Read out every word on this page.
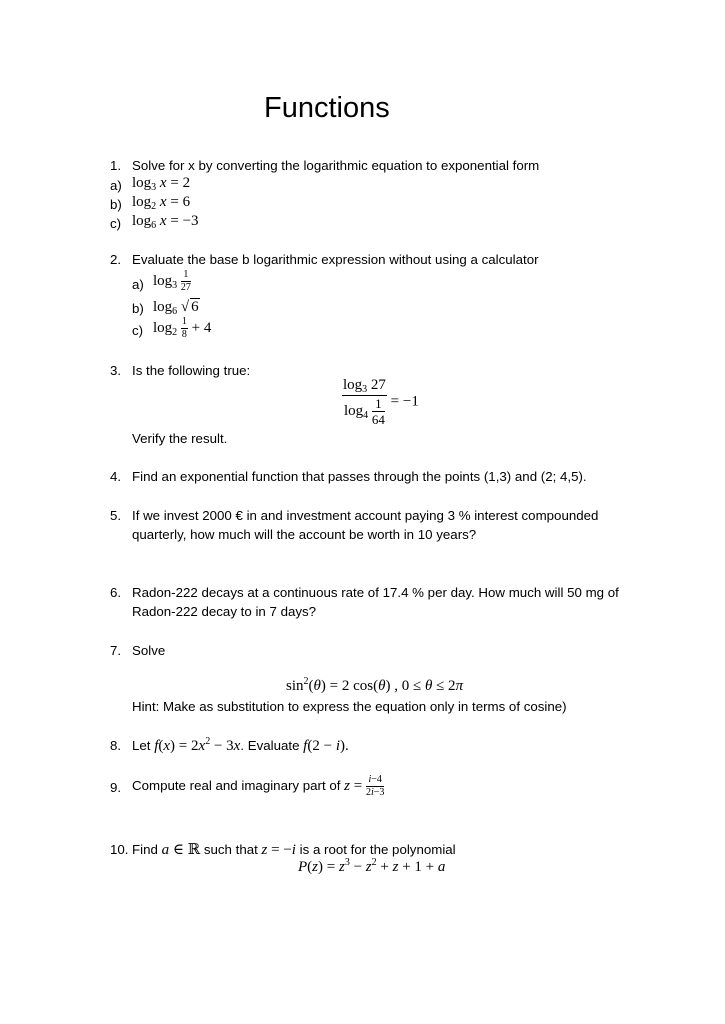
Functions
1. Solve for x by converting the logarithmic equation to exponential form
a) $\log_3 x = 2$
b) $\log_2 x = 6$
c) $\log_6 x = -3$
2. Evaluate the base b logarithmic expression without using a calculator
a) $\log_3 \frac{1}{27}$
b) $\log_6$ √ 6
c) $\log_2 \frac{1}{8} + 4$
3. Is the following true:
$\frac{\log_3 27}{\log_4 \frac{1}{64}} = -1$
Verify the result.
4. Find an exponential function that passes through the points (1,3) and (2; 4,5).
5. If we invest 2000 € in and investment account paying 3 % interest compounded
quarterly, how much will the account be worth in 10 years?
6. Radon-222 decays at a continuous rate of 17.4 % per day. How much will 50 mg of
Radon-222 decay to in 7 days?
7. Solve
$\sin^2(\theta) = 2$ cos(θ) , 0 ≤ θ ≤ 2π
Hint: Make as substitution to express the equation only in terms of cosine)
8. Let $f(x) = 2x^2 - 3x$. Evaluate f(2 − i).
9. Compute real and imaginary part of $z = \frac{i-4}{2i-3}$
10. Find a ∈ ℝ such that z = −i is a root for the polynomial
$P(z) = z^3 - z^2 + z + 1 + a$
